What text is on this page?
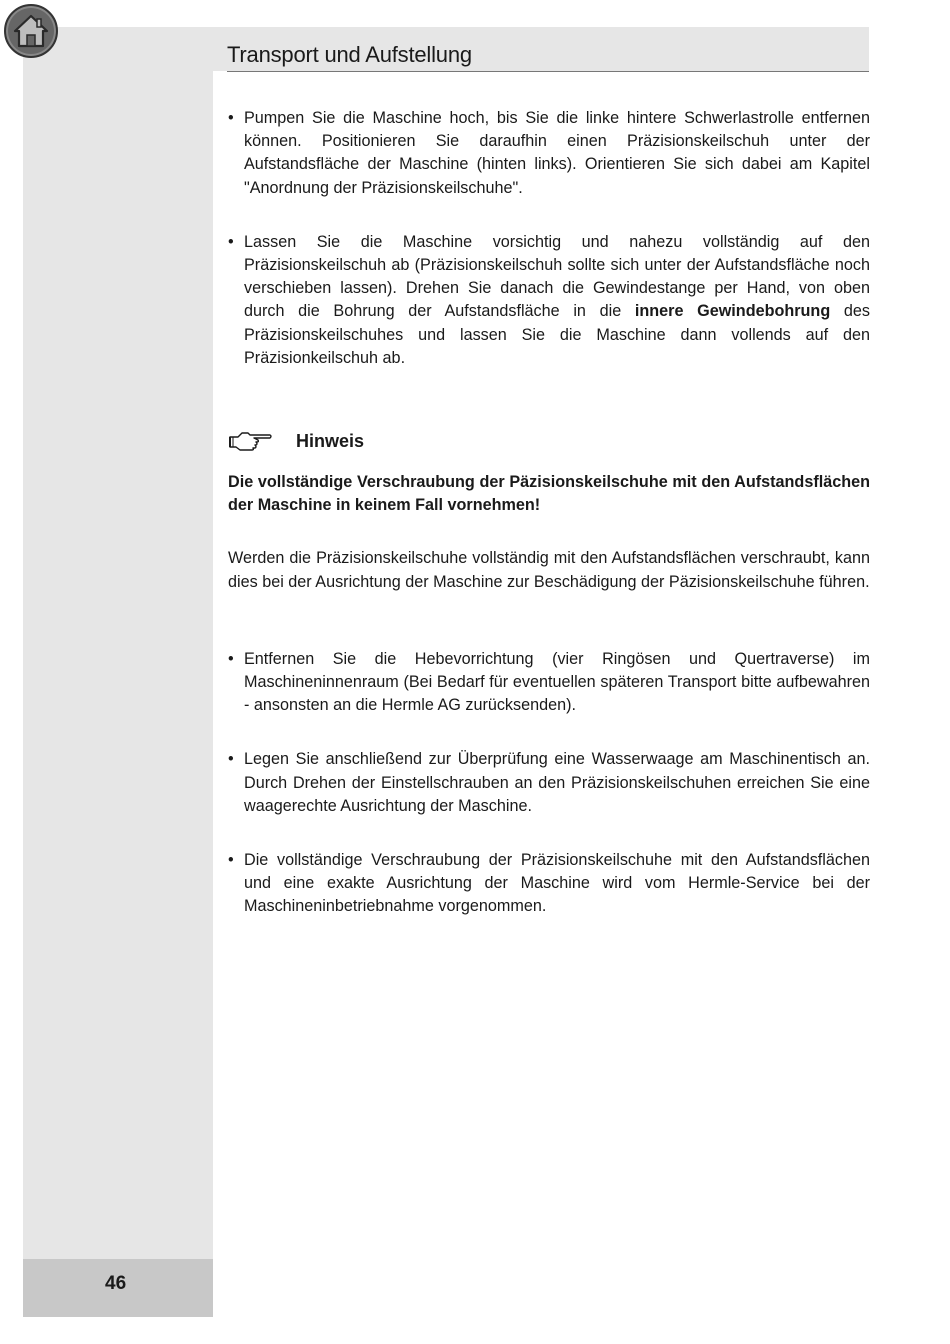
Transport und Aufstellung
• Pumpen Sie die Maschine hoch, bis Sie die linke hintere Schwerlastrolle entfernen können. Positionieren Sie daraufhin einen Präzisionskeilschuh unter der Aufstandsfläche der Maschine (hinten links). Orientieren Sie sich dabei am Kapitel "Anordnung der Präzisionskeilschuhe".
• Lassen Sie die Maschine vorsichtig und nahezu vollständig auf den Präzisionskeilschuh ab (Präzisionskeilschuh sollte sich unter der Aufstandsfläche noch verschieben lassen). Drehen Sie danach die Gewindestange per Hand, von oben durch die Bohrung der Aufstandsfläche in die innere Gewindebohrung des Präzisionskeilschuhes und lassen Sie die Maschine dann vollends auf den Präzisionkeilschuh ab.
Hinweis
Die vollständige Verschraubung der Päzisionskeilschuhe mit den Aufstandsflächen der Maschine in keinem Fall vornehmen!
Werden die Präzisionskeilschuhe vollständig mit den Aufstandsflächen verschraubt, kann dies bei der Ausrichtung der Maschine zur Beschädigung der Päzisionskeilschuhe führen.
• Entfernen Sie die Hebevorrichtung (vier Ringösen und Quertraverse) im Maschineninnenraum (Bei Bedarf für eventuellen späteren Transport bitte aufbewahren - ansonsten an die Hermle AG zurücksenden).
• Legen Sie anschließend zur Überprüfung eine Wasserwaage am Maschinentisch an. Durch Drehen der Einstellschrauben an den Präzisionskeilschuhen erreichen Sie eine waagerechte Ausrichtung der Maschine.
• Die vollständige Verschraubung der Präzisionskeilschuhe mit den Aufstandsflächen und eine exakte Ausrichtung der Maschine wird vom Hermle-Service bei der Maschineninbetriebnahme vorgenommen.
46
